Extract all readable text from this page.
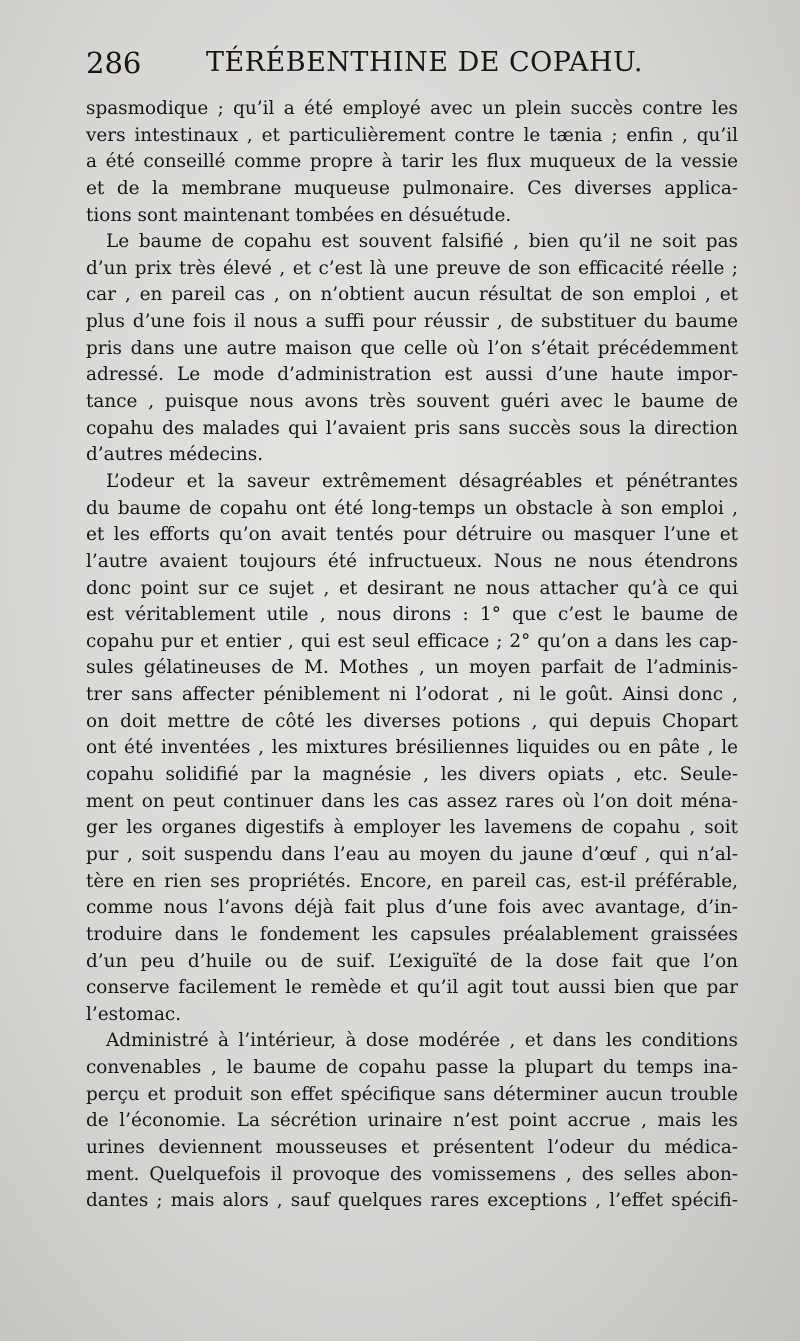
286 TÉRÉBENTHINE DE COPAHU.
spasmodique ; qu’il a été employé avec un plein succès contre les
vers intestinaux , et particulièrement contre le tænia ; enfin , qu’il
a été conseillé comme propre à tarir les flux muqueux de la vessie
et de la membrane muqueuse pulmonaire. Ces diverses applica-
tions sont maintenant tombées en désuétude.
Le baume de copahu est souvent falsifié , bien qu’il ne soit pas
d’un prix très élevé , et c’est là une preuve de son efficacité réelle ;
car , en pareil cas , on n’obtient aucun résultat de son emploi , et
plus d’une fois il nous a suffi pour réussir , de substituer du baume
pris dans une autre maison que celle où l’on s’était précédemment
adressé. Le mode d’administration est aussi d’une haute impor-
tance , puisque nous avons très souvent guéri avec le baume de
copahu des malades qui l’avaient pris sans succès sous la direction
d’autres médecins.
L’odeur et la saveur extrêmement désagréables et pénétrantes
du baume de copahu ont été long-temps un obstacle à son emploi ,
et les efforts qu’on avait tentés pour détruire ou masquer l’une et
l’autre avaient toujours été infructueux. Nous ne nous étendrons
donc point sur ce sujet , et desirant ne nous attacher qu’à ce qui
est véritablement utile , nous dirons : 1° que c’est le baume de
copahu pur et entier , qui est seul efficace ; 2° qu’on a dans les cap-
sules gélatineuses de M. Mothes , un moyen parfait de l’adminis-
trer sans affecter péniblement ni l’odorat , ni le goût. Ainsi donc ,
on doit mettre de côté les diverses potions , qui depuis Chopart
ont été inventées , les mixtures brésiliennes liquides ou en pâte , le
copahu solidifié par la magnésie , les divers opiats , etc. Seule-
ment on peut continuer dans les cas assez rares où l’on doit ména-
ger les organes digestifs à employer les lavemens de copahu , soit
pur , soit suspendu dans l’eau au moyen du jaune d’œuf , qui n’al-
tère en rien ses propriétés. Encore, en pareil cas, est-il préférable,
comme nous l’avons déjà fait plus d’une fois avec avantage, d’in-
troduire dans le fondement les capsules préalablement graissées
d’un peu d’huile ou de suif. L’exiguïté de la dose fait que l’on
conserve facilement le remède et qu’il agit tout aussi bien que par
l’estomac.
Administré à l’intérieur, à dose modérée , et dans les conditions
convenables , le baume de copahu passe la plupart du temps ina-
perçu et produit son effet spécifique sans déterminer aucun trouble
de l’économie. La sécrétion urinaire n’est point accrue , mais les
urines deviennent mousseuses et présentent l’odeur du médica-
ment. Quelquefois il provoque des vomissemens , des selles abon-
dantes ; mais alors , sauf quelques rares exceptions , l’effet spécifi-
